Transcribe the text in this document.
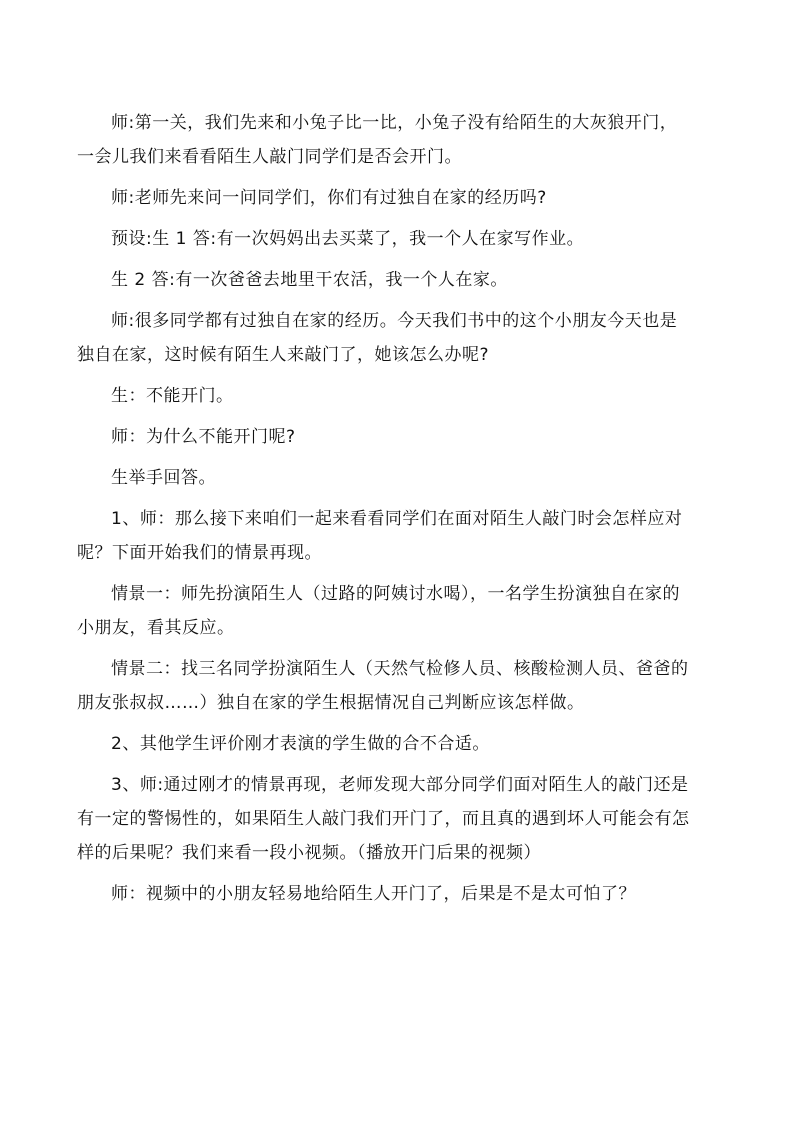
师:第一关，我们先来和小兔子比一比，小兔子没有给陌生的大灰狼开门，
一会儿我们来看看陌生人敲门同学们是否会开门。

师:老师先来问一问同学们，你们有过独自在家的经历吗?

预设:生 1 答:有一次妈妈出去买菜了，我一个人在家写作业。

生 2 答:有一次爸爸去地里干农活，我一个人在家。

师:很多同学都有过独自在家的经历。今天我们书中的这个小朋友今天也是
独自在家，这时候有陌生人来敲门了，她该怎么办呢?

生：不能开门。

师：为什么不能开门呢?

生举手回答。

1、师：那么接下来咱们一起来看看同学们在面对陌生人敲门时会怎样应对
呢？下面开始我们的情景再现。

情景一：师先扮演陌生人（过路的阿姨讨水喝），一名学生扮演独自在家的
小朋友，看其反应。

情景二：找三名同学扮演陌生人（天然气检修人员、核酸检测人员、爸爸的
朋友张叔叔……）独自在家的学生根据情况自己判断应该怎样做。

2、其他学生评价刚才表演的学生做的合不合适。

3、师:通过刚才的情景再现，老师发现大部分同学们面对陌生人的敲门还是
有一定的警惕性的，如果陌生人敲门我们开门了，而且真的遇到坏人可能会有怎
样的后果呢？我们来看一段小视频。（播放开门后果的视频）

师：视频中的小朋友轻易地给陌生人开门了，后果是不是太可怕了？
